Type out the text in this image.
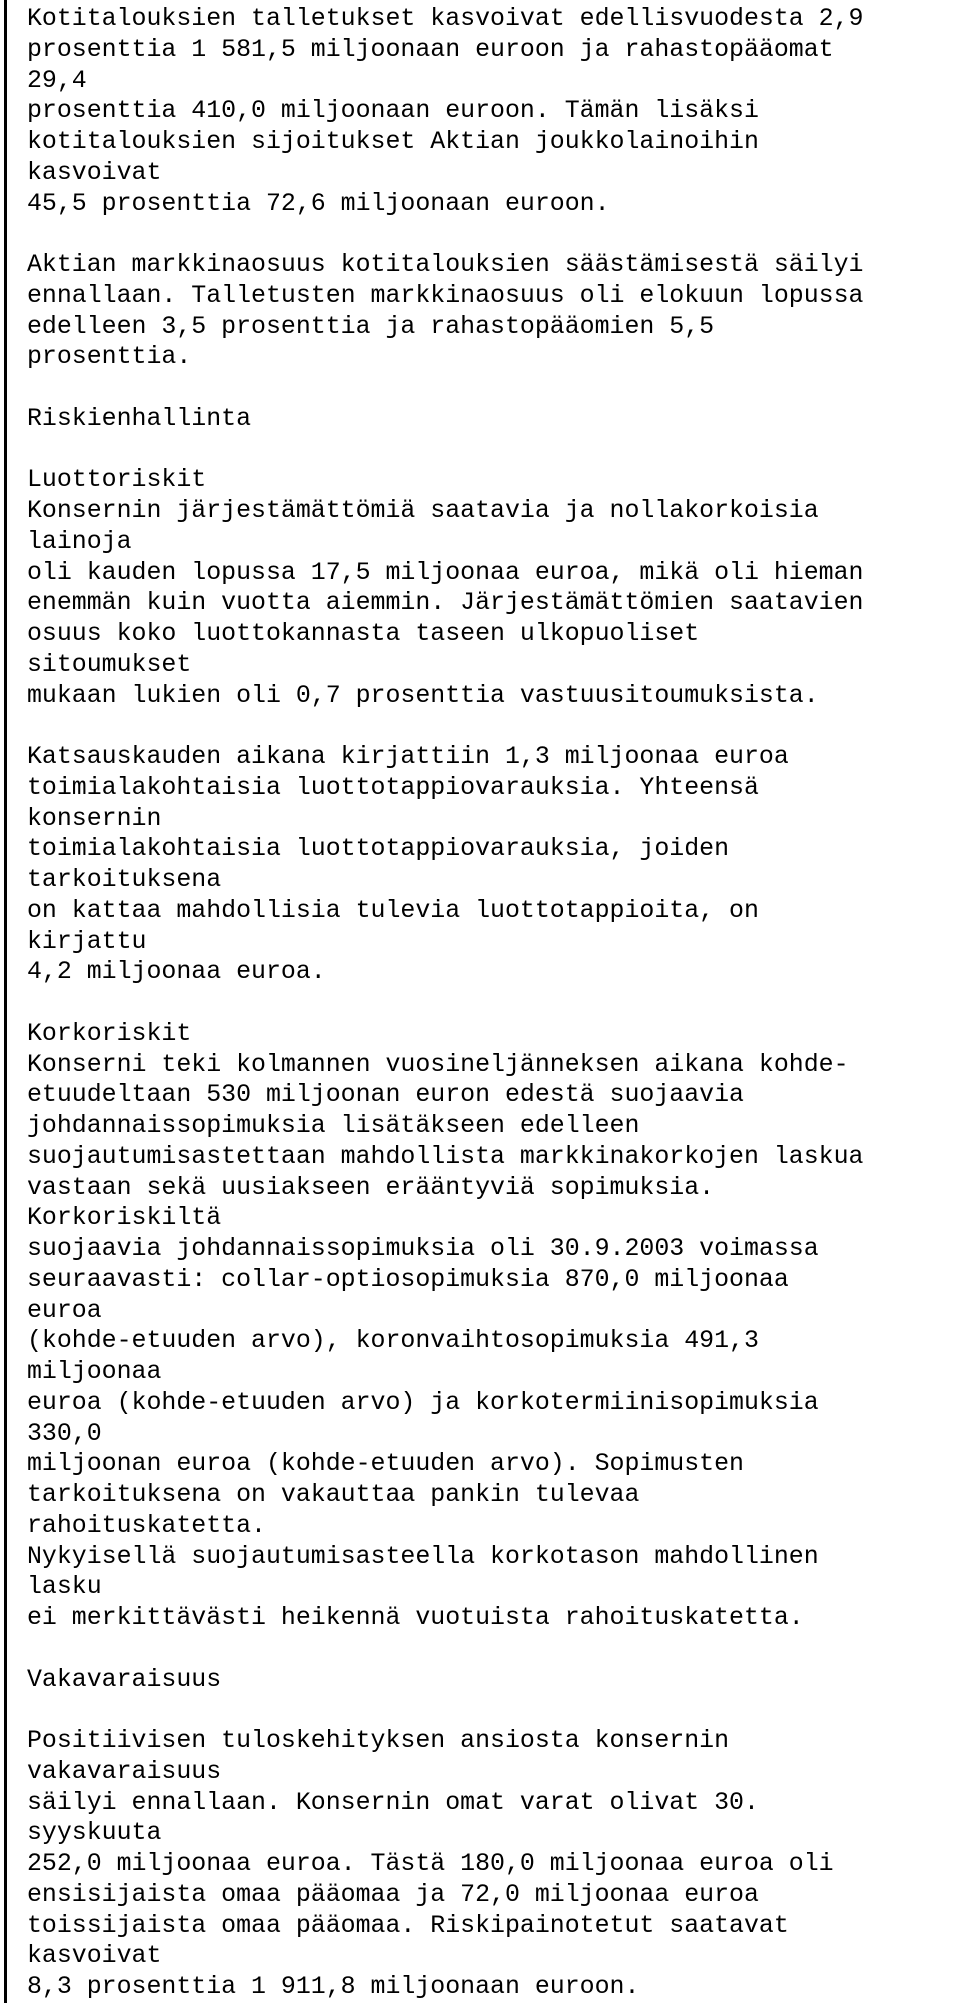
Kotitalouksien talletukset kasvoivat edellisvuodesta 2,9
prosenttia 1 581,5 miljoonaan euroon ja rahastopääomat
29,4
prosenttia 410,0 miljoonaan euroon. Tämän lisäksi
kotitalouksien sijoitukset Aktian joukkolainoihin
kasvoivat
45,5 prosenttia 72,6 miljoonaan euroon.
Aktian markkinaosuus kotitalouksien säästämisestä säilyi
ennallaan. Talletusten markkinaosuus oli elokuun lopussa
edelleen 3,5 prosenttia ja rahastopääomien 5,5
prosenttia.
Riskienhallinta
Luottoriskit
Konsernin järjestämättömiä saatavia ja nollakorkoisia
lainoja
oli kauden lopussa 17,5 miljoonaa euroa, mikä oli hieman
enemmän kuin vuotta aiemmin. Järjestämättömien saatavien
osuus koko luottokannasta taseen ulkopuoliset
sitoumukset
mukaan lukien oli 0,7 prosenttia vastuusitoumuksista.
Katsauskauden aikana kirjattiin 1,3 miljoonaa euroa
toimialakohtaisia luottotappiovarauksia. Yhteensä
konsernin
toimialakohtaisia luottotappiovarauksia, joiden
tarkoituksena
on kattaa mahdollisia tulevia luottotappioita, on
kirjattu
4,2 miljoonaa euroa.
Korkoriskit
Konserni teki kolmannen vuosineljänneksen aikana kohde-
etuudeltaan 530 miljoonan euron edestä suojaavia
johdannaissopimuksia lisätäkseen edelleen
suojautumisastettaan mahdollista markkinakorkojen laskua
vastaan sekä uusiakseen erääntyviä sopimuksia.
Korkoriskiltä
suojaavia johdannaissopimuksia oli 30.9.2003 voimassa
seuraavasti: collar-optiosopimuksia 870,0 miljoonaa
euroa
(kohde-etuuden arvo), koronvaihtosopimuksia 491,3
miljoonaa
euroa (kohde-etuuden arvo) ja korkotermiinisopimuksia
330,0
miljoonan euroa (kohde-etuuden arvo). Sopimusten
tarkoituksena on vakauttaa pankin tulevaa
rahoituskatetta.
Nykyisellä suojautumisasteella korkotason mahdollinen
lasku
ei merkittävästi heikennä vuotuista rahoituskatetta.
Vakavaraisuus
Positiivisen tuloskehityksen ansiosta konsernin
vakavaraisuus
säilyi ennallaan. Konsernin omat varat olivat 30.
syyskuuta
252,0 miljoonaa euroa. Tästä 180,0 miljoonaa euroa oli
ensisijaista omaa pääomaa ja 72,0 miljoonaa euroa
toissijaista omaa pääomaa. Riskipainotetut saatavat
kasvoivat
8,3 prosenttia 1 911,8 miljoonaan euroon.
